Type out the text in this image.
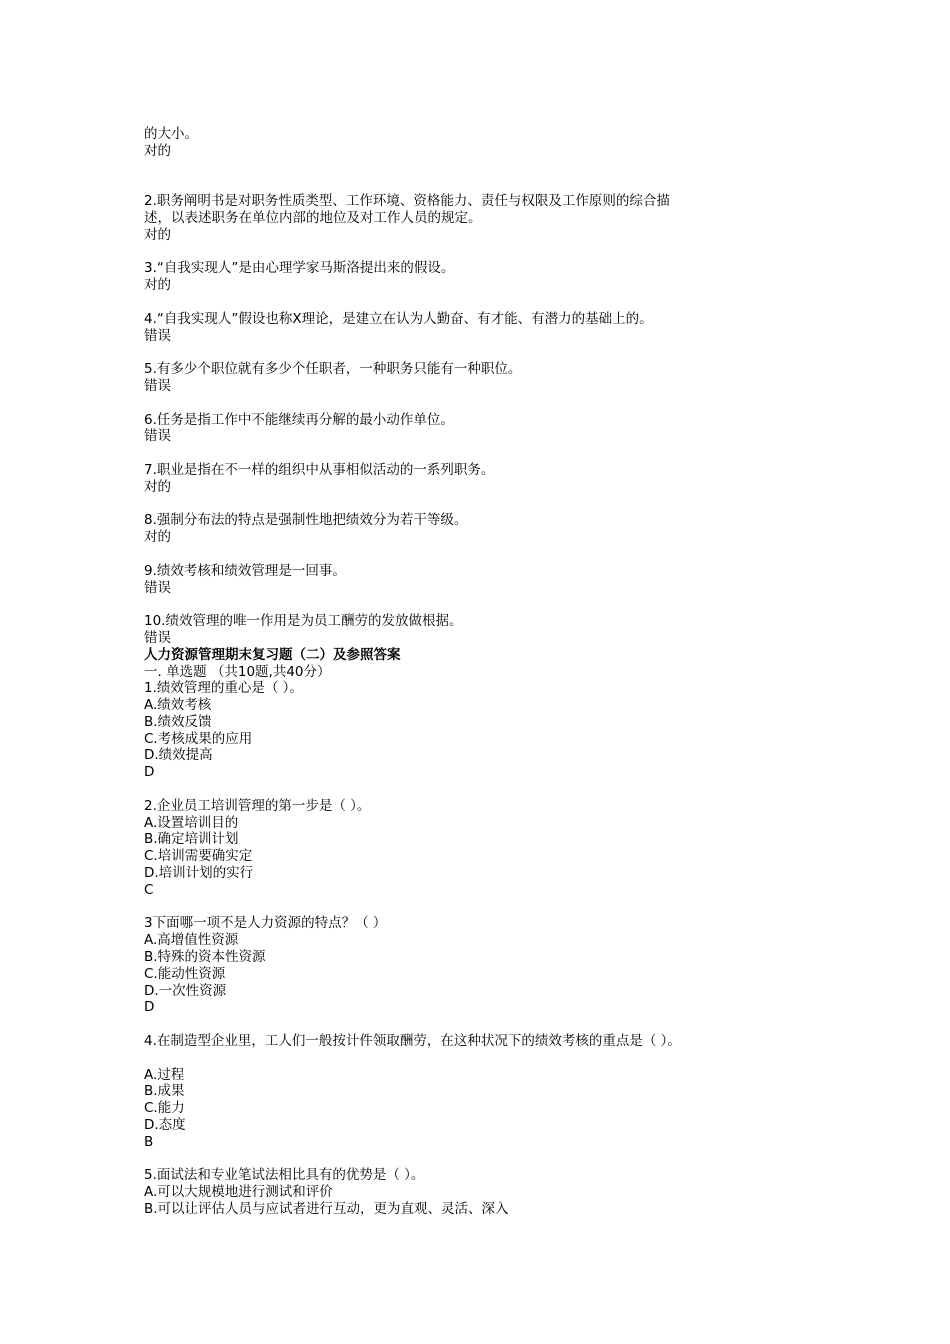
的大小。
对的
2.职务阐明书是对职务性质类型、工作环境、资格能力、责任与权限及工作原则的综合描
述，以表述职务在单位内部的地位及对工作人员的规定。
对的
3.“自我实现人”是由心理学家马斯洛提出来的假设。
对的
4.“自我实现人”假设也称X理论，是建立在认为人勤奋、有才能、有潜力的基础上的。
错误
5.有多少个职位就有多少个任职者，一种职务只能有一种职位。
错误
6.任务是指工作中不能继续再分解的最小动作单位。
错误
7.职业是指在不一样的组织中从事相似活动的一系列职务。
对的
8.强制分布法的特点是强制性地把绩效分为若干等级。
对的
9.绩效考核和绩效管理是一回事。
错误
10.绩效管理的唯一作用是为员工酬劳的发放做根据。
错误
人力资源管理期末复习题（二）及参照答案
一. 单选题 （共10题,共40分）
1.绩效管理的重心是（ ）。
A.绩效考核
B.绩效反馈
C.考核成果的应用
D.绩效提高
D
2.企业员工培训管理的第一步是（ ）。
A.设置培训目的
B.确定培训计划
C.培训需要确实定
D.培训计划的实行
C
3下面哪一项不是人力资源的特点？（ ）
A.高增值性资源
B.特殊的资本性资源
C.能动性资源
D.一次性资源
D
4.在制造型企业里，工人们一般按计件领取酬劳，在这种状况下的绩效考核的重点是（ ）。
A.过程
B.成果
C.能力
D.态度
B
5.面试法和专业笔试法相比具有的优势是（ ）。
A.可以大规模地进行测试和评价
B.可以让评估人员与应试者进行互动，更为直观、灵活、深入
